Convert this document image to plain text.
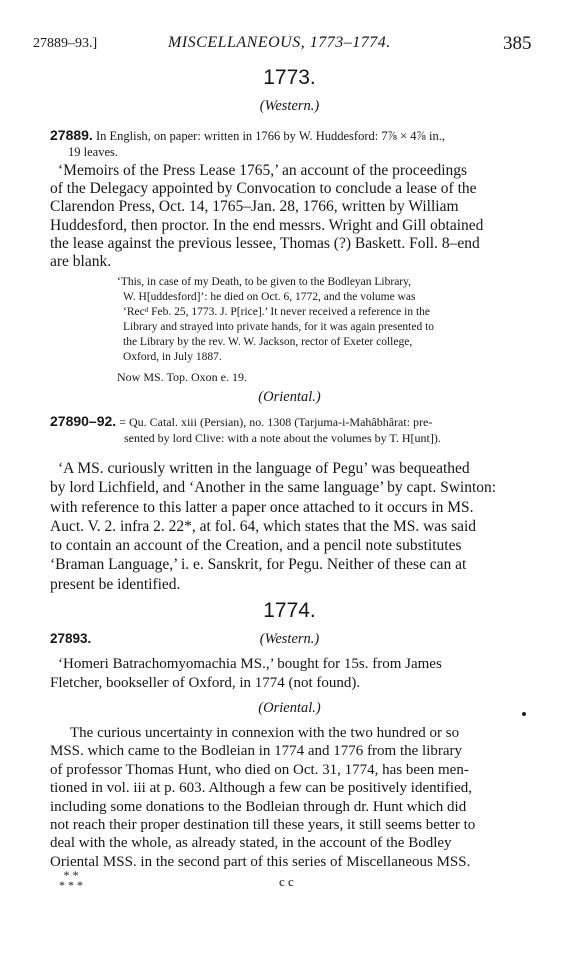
27889–93.]	MISCELLANEOUS, 1773–1774.	385
1773.
(Western.)

27889. In English, on paper: written in 1766 by W. Huddesford: 7⅞ × 4⅞ in.,

19 leaves.

‘Memoirs of the Press Lease 1765,’ an account of the proceedings

of the Delegacy appointed by Convocation to conclude a lease of the

Clarendon Press, Oct. 14, 1765–Jan. 28, 1766, written by William

Huddesford, then proctor. In the end messrs. Wright and Gill obtained

the lease against the previous lessee, Thomas (?) Baskett. Foll. 8–end

are blank.

‘This, in case of my Death, to be given to the Bodleyan Library,

W. H[uddesford]’: he died on Oct. 6, 1772, and the volume was

‘Recᵈ Feb. 25, 1773. J. P[rice].’ It never received a reference in the

Library and strayed into private hands, for it was again presented to

the Library by the rev. W. W. Jackson, rector of Exeter college,

Oxford, in July 1887.

Now MS. Top. Oxon e. 19.
(Oriental.)

27890–92. = Qu. Catal. xiii (Persian), no. 1308 (Tarjuma-i-Mahâbhârat: pre-

sented by lord Clive: with a note about the volumes by T. H[unt]).

‘A MS. curiously written in the language of Pegu’ was bequeathed

by lord Lichfield, and ‘Another in the same language’ by capt. Swinton:

with reference to this latter a paper once attached to it occurs in MS.

Auct. V. 2. infra 2. 22*, at fol. 64, which states that the MS. was said

to contain an account of the Creation, and a pencil note substitutes

‘Braman Language,’ i. e. Sanskrit, for Pegu. Neither of these can at

present be identified.

1774.
27893.	(Western.)

‘Homeri Batrachomyomachia MS.,’ bought for 15s. from James

Fletcher, bookseller of Oxford, in 1774 (not found).

(Oriental.)

The curious uncertainty in connexion with the two hundred or so

MSS. which came to the Bodleian in 1774 and 1776 from the library

of professor Thomas Hunt, who died on Oct. 31, 1774, has been men-

tioned in vol. iii at p. 603. Although a few can be positively identified,

including some donations to the Bodleian through dr. Hunt which did

not reach their proper destination till these years, it still seems better to

deal with the whole, as already stated, in the account of the Bodley

Oriental MSS. in the second part of this series of Miscellaneous MSS.

* *
* * *	c c
